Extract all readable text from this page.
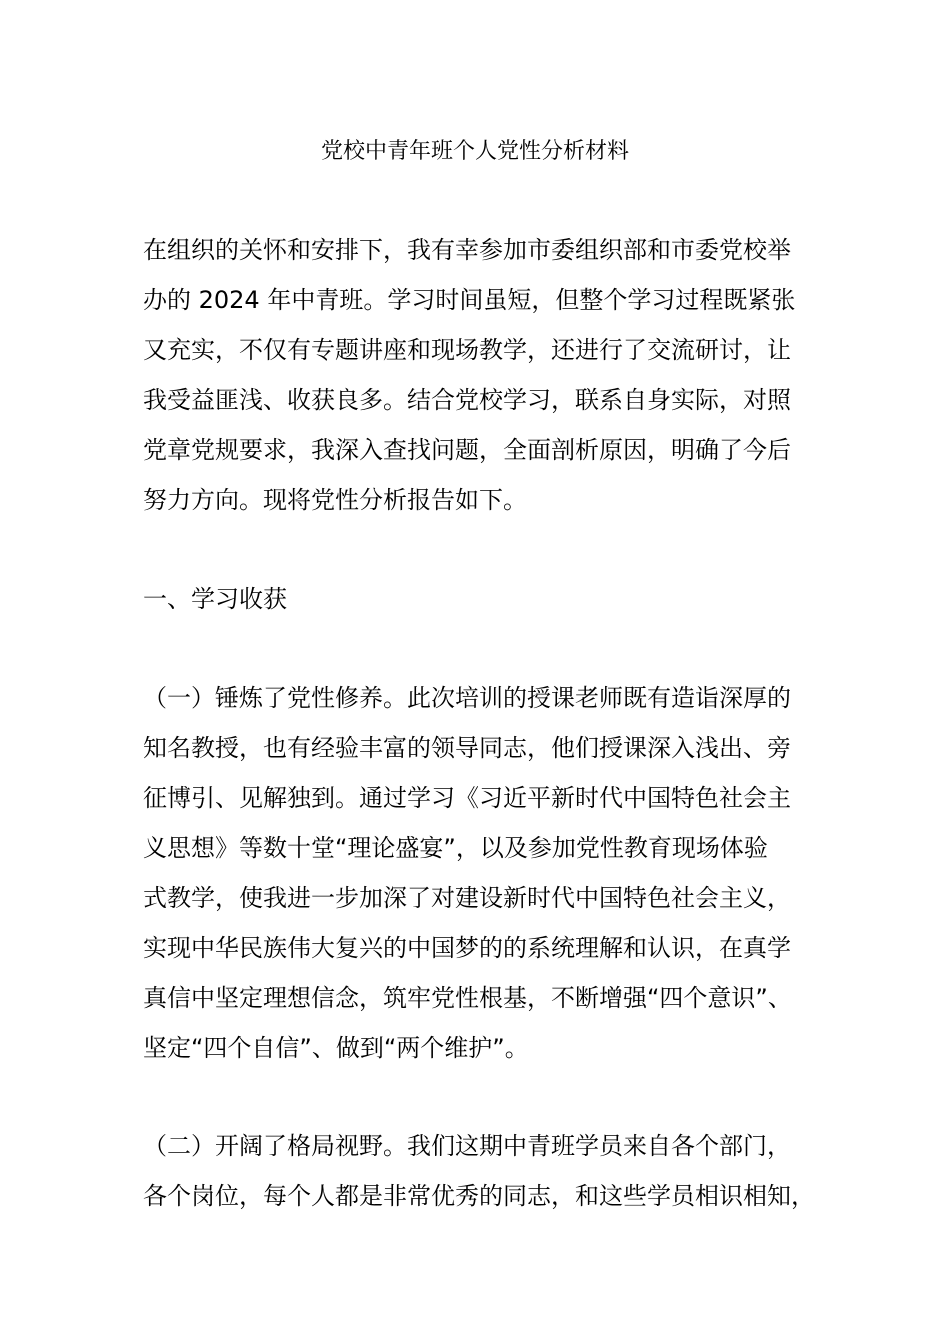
党校中青年班个人党性分析材料
在组织的关怀和安排下，我有幸参加市委组织部和市委党校举
办的 2024 年中青班。学习时间虽短，但整个学习过程既紧张
又充实，不仅有专题讲座和现场教学，还进行了交流研讨，让
我受益匪浅、收获良多。结合党校学习，联系自身实际，对照
党章党规要求，我深入查找问题，全面剖析原因，明确了今后
努力方向。现将党性分析报告如下。
一、学习收获
（一）锤炼了党性修养。此次培训的授课老师既有造诣深厚的
知名教授，也有经验丰富的领导同志，他们授课深入浅出、旁
征博引、见解独到。通过学习《习近平新时代中国特色社会主
义思想》等数十堂“理论盛宴”，以及参加党性教育现场体验
式教学，使我进一步加深了对建设新时代中国特色社会主义，
实现中华民族伟大复兴的中国梦的的系统理解和认识，在真学
真信中坚定理想信念，筑牢党性根基，不断增强“四个意识”、
坚定“四个自信”、做到“两个维护”。
（二）开阔了格局视野。我们这期中青班学员来自各个部门，
各个岗位，每个人都是非常优秀的同志，和这些学员相识相知，
